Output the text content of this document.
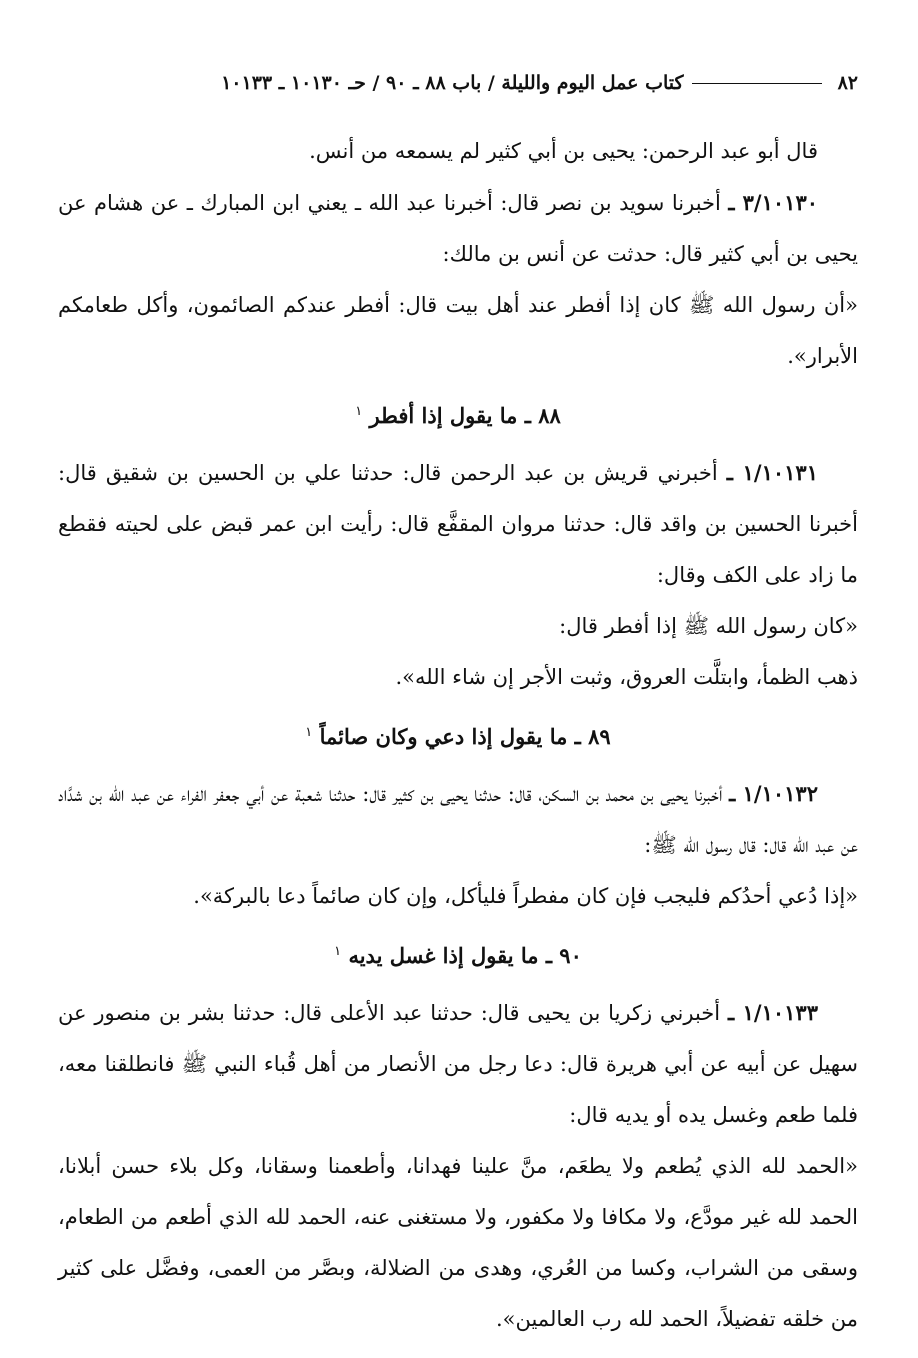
٨٢
كتاب عمل اليوم والليلة / باب ٨٨ ـ ٩٠ / حـ ١٠١٣٠ ـ ١٠١٣٣

قال أبو عبد الرحمن: يحيى بن أبي كثير لم يسمعه من أنس.

٣/١٠١٣٠ ـ أخبرنا سويد بن نصر قال: أخبرنا عبد الله ـ يعني ابن المبارك ـ عن هشام عن يحيى بن أبي كثير قال: حدثت عن أنس بن مالك:

«أن رسول الله ﷺ كان إذا أفطر عند أهل بيت قال: أفطر عندكم الصائمون، وأكل طعامكم الأبرار».

٨٨ ـ ما يقول إذا أفطر $^١$

١/١٠١٣١ ـ أخبرني قريش بن عبد الرحمن قال: حدثنا علي بن الحسين بن شقيق قال: أخبرنا الحسين بن واقد قال: حدثنا مروان المقفَّع قال: رأيت ابن عمر قبض على لحيته فقطع ما زاد على الكف وقال:

«كان رسول الله ﷺ إذا أفطر قال:

ذهب الظمأ، وابتلَّت العروق، وثبت الأجر إن شاء الله».

٨٩ ـ ما يقول إذا دعي وكان صائماً $^١$

١/١٠١٣٢ ـ أخبرنا يحيى بن محمد بن السكن، قال: حدثنا يحيى بن كثير قال: حدثنا شعبة عن أبي جعفر الفراء عن عبد الله بن شدَّاد عن عبد الله قال: قال رسول الله ﷺ:

«إذا دُعي أحدُكم فليجب فإن كان مفطراً فليأكل، وإن كان صائماً دعا بالبركة».

٩٠ ـ ما يقول إذا غسل يديه $^١$

١/١٠١٣٣ ـ أخبرني زكريا بن يحيى قال: حدثنا عبد الأعلى قال: حدثنا بشر بن منصور عن سهيل عن أبيه عن أبي هريرة قال: دعا رجل من الأنصار من أهل قُباء النبي ﷺ فانطلقنا معه، فلما طعم وغسل يده أو يديه قال:

«الحمد لله الذي يُطعم ولا يطعَم، منَّ علينا فهدانا، وأطعمنا وسقانا، وكل بلاء حسن أبلانا، الحمد لله غير مودَّع، ولا مكافا ولا مكفور، ولا مستغنى عنه، الحمد لله الذي أطعم من الطعام، وسقى من الشراب، وكسا من العُري، وهدى من الضلالة، وبصَّر من العمى، وفضَّل على كثير من خلقه تفضيلاً، الحمد لله رب العالمين».
